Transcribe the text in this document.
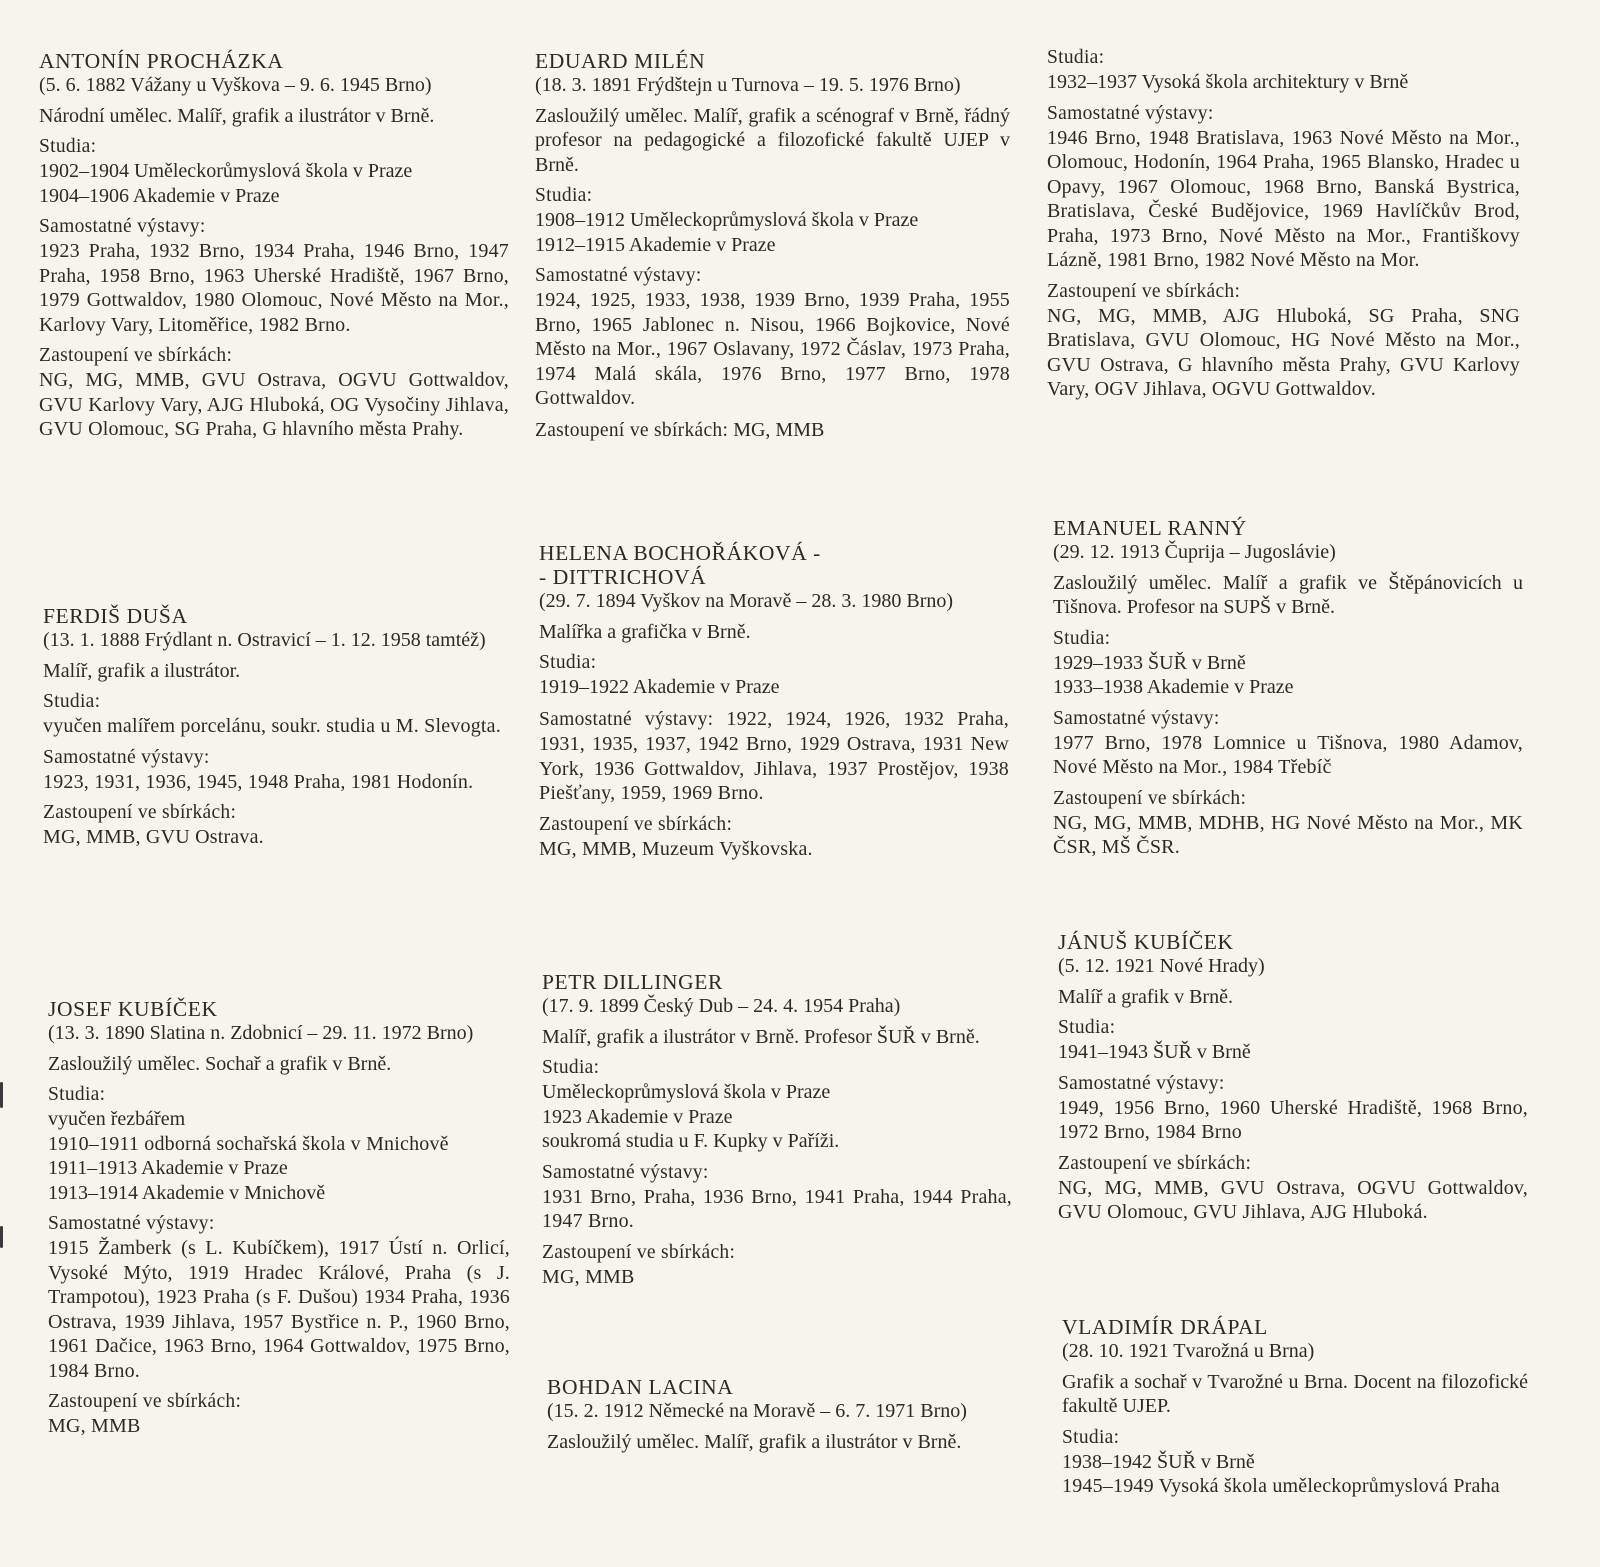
ANTONÍN PROCHÁZKA

(5. 6. 1882 Vážany u Vyškova – 9. 6. 1945 Brno)

Národní umělec. Malíř, grafik a ilustrátor v Brně.

Studia:
1902–1904 Uměleckorůmyslová škola v Praze
1904–1906 Akademie v Praze

Samostatné výstavy:
1923 Praha, 1932 Brno, 1934 Praha, 1946 Brno, 1947 Praha, 1958 Brno, 1963 Uherské Hradiště, 1967 Brno, 1979 Gottwaldov, 1980 Olomouc, Nové Město na Mor., Karlovy Vary, Litoměřice, 1982 Brno.

Zastoupení ve sbírkách:
NG, MG, MMB, GVU Ostrava, OGVU Gottwaldov, GVU Karlovy Vary, AJG Hluboká, OG Vysočiny Jihlava, GVU Olomouc, SG Praha, G hlavního města Prahy.

FERDIŠ DUŠA

(13. 1. 1888 Frýdlant n. Ostravicí – 1. 12. 1958 tamtéž)

Malíř, grafik a ilustrátor.

Studia:
vyučen malířem porcelánu, soukr. studia u M. Slevogta.

Samostatné výstavy:
1923, 1931, 1936, 1945, 1948 Praha, 1981 Hodonín.

Zastoupení ve sbírkách:
MG, MMB, GVU Ostrava.

JOSEF KUBÍČEK

(13. 3. 1890 Slatina n. Zdobnicí – 29. 11. 1972 Brno)

Zasloužilý umělec. Sochař a grafik v Brně.

Studia:
vyučen řezbářem
1910–1911 odborná sochařská škola v Mnichově
1911–1913 Akademie v Praze
1913–1914 Akademie v Mnichově

Samostatné výstavy:
1915 Žamberk (s L. Kubíčkem), 1917 Ústí n. Orlicí, Vysoké Mýto, 1919 Hradec Králové, Praha (s J. Trampotou), 1923 Praha (s F. Dušou) 1934 Praha, 1936 Ostrava, 1939 Jihlava, 1957 Bystřice n. P., 1960 Brno, 1961 Dačice, 1963 Brno, 1964 Gottwaldov, 1975 Brno, 1984 Brno.

Zastoupení ve sbírkách:
MG, MMB

EDUARD MILÉN

(18. 3. 1891 Frýdštejn u Turnova – 19. 5. 1976 Brno)

Zasloužilý umělec. Malíř, grafik a scénograf v Brně, řádný profesor na pedagogické a filozofické fakultě UJEP v Brně.

Studia:
1908–1912 Uměleckoprůmyslová škola v Praze
1912–1915 Akademie v Praze

Samostatné výstavy:
1924, 1925, 1933, 1938, 1939 Brno, 1939 Praha, 1955 Brno, 1965 Jablonec n. Nisou, 1966 Bojkovice, Nové Město na Mor., 1967 Oslavany, 1972 Čáslav, 1973 Praha, 1974 Malá skála, 1976 Brno, 1977 Brno, 1978 Gottwaldov.

Zastoupení ve sbírkách: MG, MMB

HELENA BOCHOŘÁKOVÁ -

- DITTRICHOVÁ

(29. 7. 1894 Vyškov na Moravě – 28. 3. 1980 Brno)

Malířka a grafička v Brně.

Studia:
1919–1922 Akademie v Praze

Samostatné výstavy: 1922, 1924, 1926, 1932 Praha, 1931, 1935, 1937, 1942 Brno, 1929 Ostrava, 1931 New York, 1936 Gottwaldov, Jihlava, 1937 Prostějov, 1938 Piešťany, 1959, 1969 Brno.

Zastoupení ve sbírkách:
MG, MMB, Muzeum Vyškovska.

PETR DILLINGER

(17. 9. 1899 Český Dub – 24. 4. 1954 Praha)

Malíř, grafik a ilustrátor v Brně. Profesor ŠUŘ v Brně.

Studia:
Uměleckoprůmyslová škola v Praze
1923 Akademie v Praze
soukromá studia u F. Kupky v Paříži.

Samostatné výstavy:
1931 Brno, Praha, 1936 Brno, 1941 Praha, 1944 Praha, 1947 Brno.

Zastoupení ve sbírkách:
MG, MMB

BOHDAN LACINA

(15. 2. 1912 Německé na Moravě – 6. 7. 1971 Brno)

Zasloužilý umělec. Malíř, grafik a ilustrátor v Brně.

Studia:
1932–1937 Vysoká škola architektury v Brně

Samostatné výstavy:
1946 Brno, 1948 Bratislava, 1963 Nové Město na Mor., Olomouc, Hodonín, 1964 Praha, 1965 Blansko, Hradec u Opavy, 1967 Olomouc, 1968 Brno, Banská Bystrica, Bratislava, České Budějovice, 1969 Havlíčkův Brod, Praha, 1973 Brno, Nové Město na Mor., Františkovy Lázně, 1981 Brno, 1982 Nové Město na Mor.

Zastoupení ve sbírkách:
NG, MG, MMB, AJG Hluboká, SG Praha, SNG Bratislava, GVU Olomouc, HG Nové Město na Mor., GVU Ostrava, G hlavního města Prahy, GVU Karlovy Vary, OGV Jihlava, OGVU Gottwaldov.

EMANUEL RANNÝ

(29. 12. 1913 Čuprija – Jugoslávie)

Zasloužilý umělec. Malíř a grafik ve Štěpánovicích u Tišnova. Profesor na SUPŠ v Brně.

Studia:
1929–1933 ŠUŘ v Brně
1933–1938 Akademie v Praze

Samostatné výstavy:
1977 Brno, 1978 Lomnice u Tišnova, 1980 Adamov, Nové Město na Mor., 1984 Třebíč

Zastoupení ve sbírkách:
NG, MG, MMB, MDHB, HG Nové Město na Mor., MK ČSR, MŠ ČSR.

JÁNUŠ KUBÍČEK

(5. 12. 1921 Nové Hrady)

Malíř a grafik v Brně.

Studia:
1941–1943 ŠUŘ v Brně

Samostatné výstavy:
1949, 1956 Brno, 1960 Uherské Hradiště, 1968 Brno, 1972 Brno, 1984 Brno

Zastoupení ve sbírkách:
NG, MG, MMB, GVU Ostrava, OGVU Gottwaldov, GVU Olomouc, GVU Jihlava, AJG Hluboká.

VLADIMÍR DRÁPAL

(28. 10. 1921 Tvarožná u Brna)

Grafik a sochař v Tvarožné u Brna. Docent na filozofické fakultě UJEP.

Studia:
1938–1942 ŠUŘ v Brně
1945–1949 Vysoká škola uměleckoprůmyslová Praha
